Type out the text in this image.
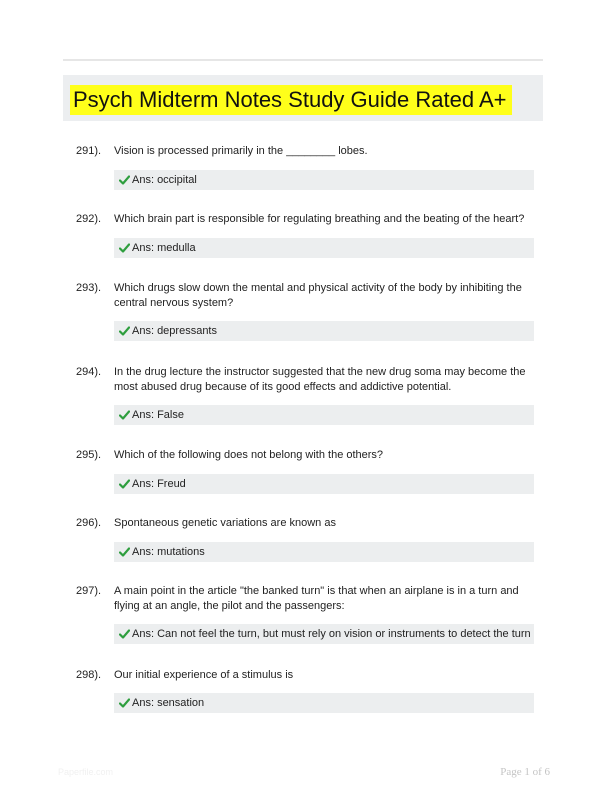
Psych Midterm Notes Study Guide Rated A+
291). Vision is processed primarily in the ________ lobes.
Ans: occipital
292). Which brain part is responsible for regulating breathing and the beating of the heart?
Ans: medulla
293). Which drugs slow down the mental and physical activity of the body by inhibiting the central nervous system?
Ans: depressants
294). In the drug lecture the instructor suggested that the new drug soma may become the most abused drug because of its good effects and addictive potential.
Ans: False
295). Which of the following does not belong with the others?
Ans: Freud
296). Spontaneous genetic variations are known as
Ans: mutations
297). A main point in the article "the banked turn" is that when an airplane is in a turn and flying at an angle, the pilot and the passengers:
Ans: Can not feel the turn, but must rely on vision or instruments to detect the turn
298). Our initial experience of a stimulus is
Ans: sensation
Paperfile.com	Page 1 of 6
